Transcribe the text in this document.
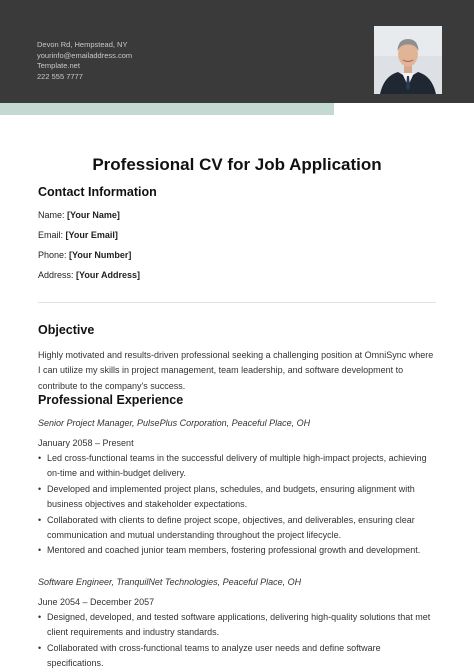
Devon Rd, Hempstead, NY
yourinfo@emailaddress.com
Template.net
222 555 7777
Professional CV for Job Application
Contact Information
Name: [Your Name]
Email: [Your Email]
Phone: [Your Number]
Address: [Your Address]
Objective
Highly motivated and results-driven professional seeking a challenging position at OmniSync where I can utilize my skills in project management, team leadership, and software development to contribute to the company's success.
Professional Experience
Senior Project Manager, PulsePlus Corporation, Peaceful Place, OH
January 2058 – Present
• Led cross-functional teams in the successful delivery of multiple high-impact projects, achieving on-time and within-budget delivery.
• Developed and implemented project plans, schedules, and budgets, ensuring alignment with business objectives and stakeholder expectations.
• Collaborated with clients to define project scope, objectives, and deliverables, ensuring clear communication and mutual understanding throughout the project lifecycle.
• Mentored and coached junior team members, fostering professional growth and development.
Software Engineer, TranquilNet Technologies, Peaceful Place, OH
June 2054 – December 2057
• Designed, developed, and tested software applications, delivering high-quality solutions that met client requirements and industry standards.
• Collaborated with cross-functional teams to analyze user needs and define software specifications.
